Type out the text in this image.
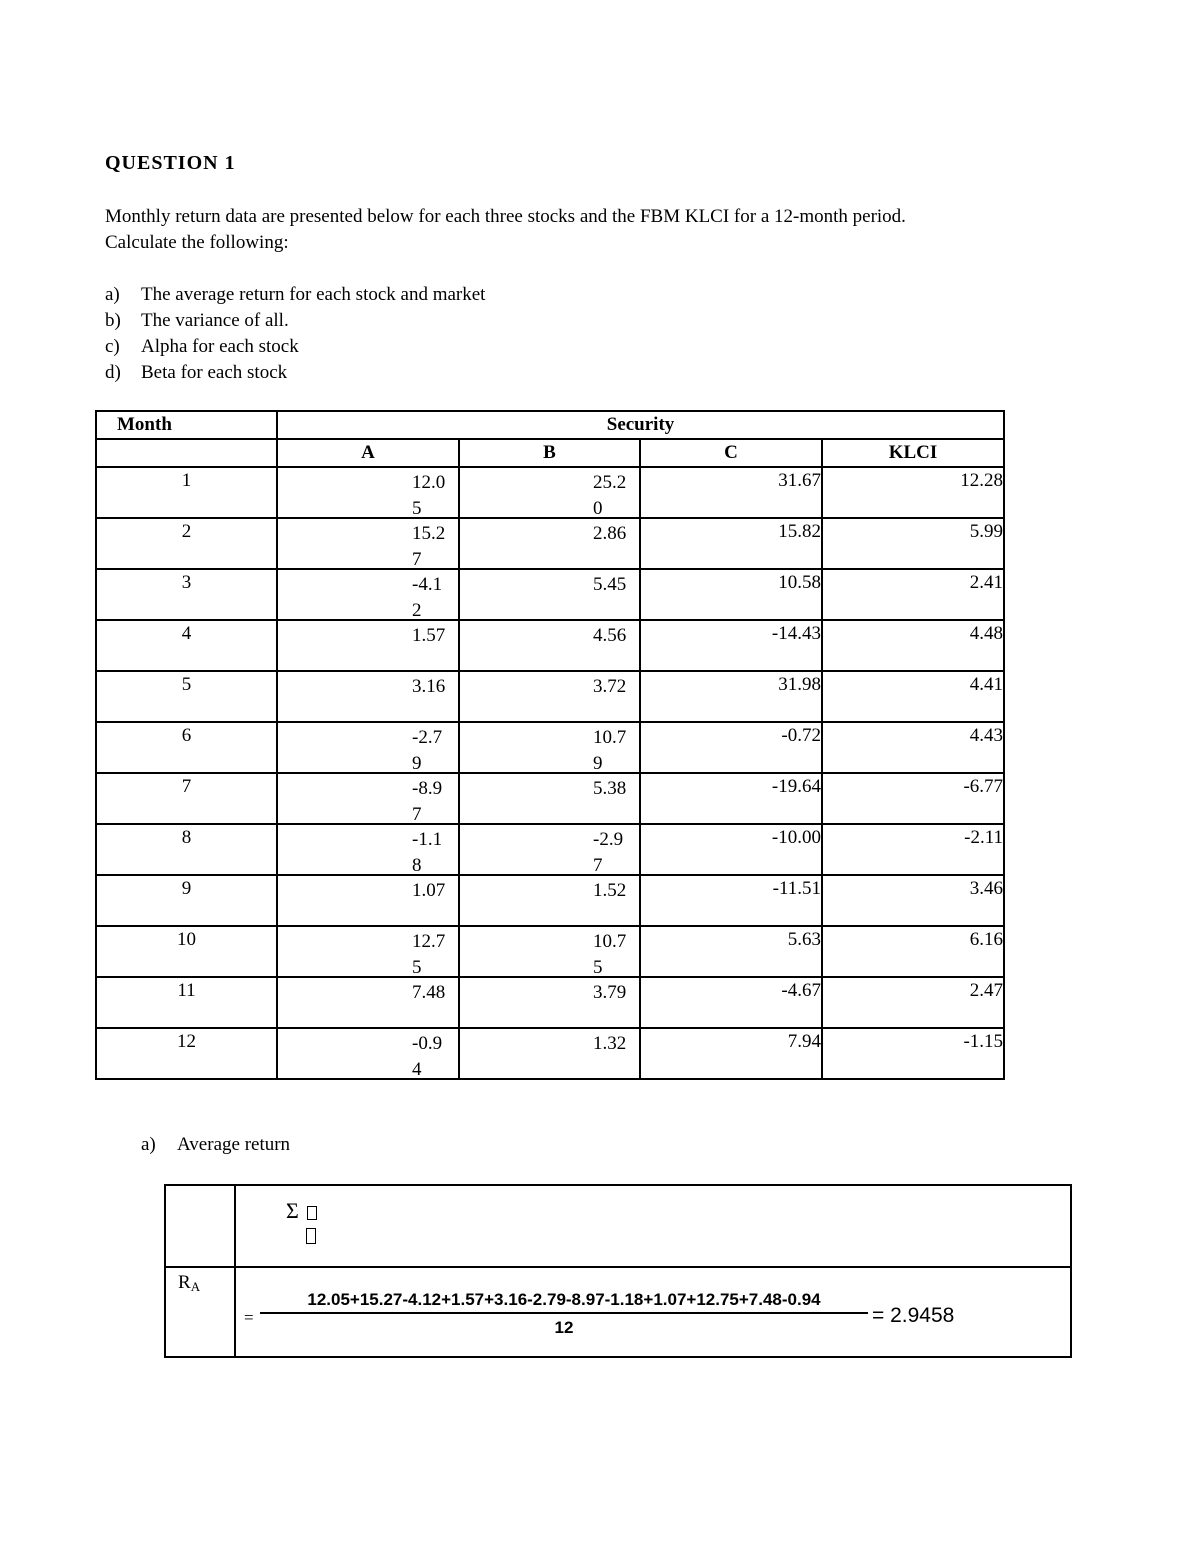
QUESTION 1

Monthly return data are presented below for each three stocks and the FBM KLCI for a 12-month period.

Calculate the following:

a)	The average return for each stock and market
b)	The variance of all.
c)	Alpha for each stock
d)	Beta for each stock
Month	Security			
	A	B	C	KLCI
1	12.05	25.20	31.67	12.28
2	15.27	2.86	15.82	5.99
3	-4.12	5.45	10.58	2.41
4	1.57	4.56	-14.43	4.48
5	3.16	3.72	31.98	4.41
6	-2.79	10.79	-0.72	4.43
7	-8.97	5.38	-19.64	-6.77
8	-1.18	-2.97	-10.00	-2.11
9	1.07	1.52	-11.51	3.46
10	12.75	10.75	5.63	6.16
11	7.48	3.79	-4.67	2.47
12	-0.94	1.32	7.94	-1.15
a)	Average return
Σ
$R_A$
=
12.05+15.27-4.12+1.57+3.16-2.79-8.97-1.18+1.07+12.75+7.48-0.94
12
= 2.9458
